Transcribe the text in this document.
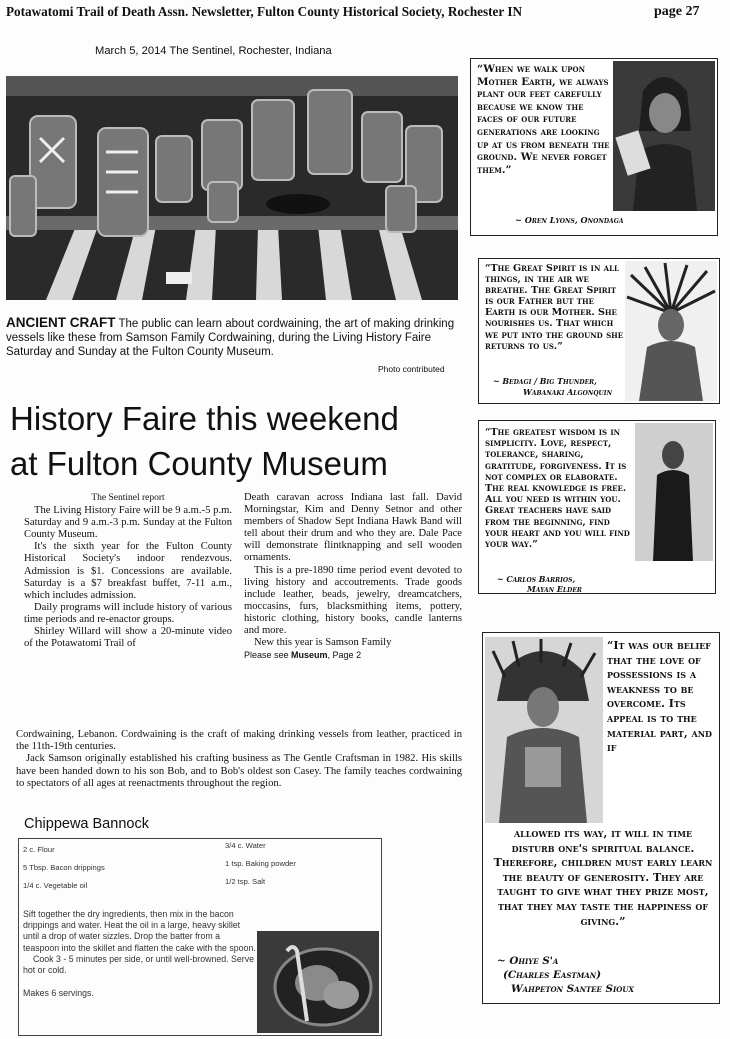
Potawatomi Trail of Death Assn. Newsletter, Fulton County Historical Society, Rochester IN	page 27
March 5, 2014 The Sentinel, Rochester, Indiana
ANCIENT CRAFT The public can learn about cordwaining, the art of making drinking vessels like these from Samson Family Cordwaining, during the Living History Faire Saturday and Sunday at the Fulton County Museum.
Photo contributed
History Faire this weekend
at Fulton County Museum

The Sentinel report

The Living History Faire will be 9 a.m.-5 p.m. Saturday and 9 a.m.-3 p.m. Sunday at the Fulton County Museum.

It's the sixth year for the Fulton County Historical Society's indoor rendezvous. Admission is $1. Concessions are available. Saturday is a $7 breakfast buffet, 7-11 a.m., which includes admission.

Daily programs will include history of various time periods and re-enactor groups.

Shirley Willard will show a 20-minute video of the Potawatomi Trail of

Death caravan across Indiana last fall. David Morningstar, Kim and Denny Setnor and other members of Shadow Sept Indiana Hawk Band will tell about their drum and who they are. Dale Pace will demonstrate flintknapping and sell wooden ornaments.

This is a pre-1890 time period event devoted to living history and accoutrements. Trade goods include leather, beads, jewelry, dreamcatchers, moccasins, furs, blacksmithing items, pottery, historic clothing, history books, candle lanterns and more.

New this year is Samson Family

Please see Museum, Page 2

Cordwaining, Lebanon. Cordwaining is the craft of making drinking vessels from leather, practiced in the 11th-19th centuries.

Jack Samson originally established his crafting business as The Gentle Craftsman in 1982. His skills have been handed down to his son Bob, and to Bob's oldest son Casey. The family teaches cordwaining to spectators of all ages at reenactments throughout the region.

Chippewa Bannock
2 c. Flour
5 Tbsp. Bacon drippings
1/4 c. Vegetable oil
3/4 c. Water
1 tsp. Baking powder
1/2 tsp. Salt
Sift together the dry ingredients, then mix in the bacon drippings and water. Heat the oil in a large, heavy skillet until a drop of water sizzles. Drop the batter from a teaspoon into the skillet and flatten the cake with the spoon.
Cook 3 - 5 minutes per side, or until well-browned. Serve hot or cold.
Makes 6 servings.
“When we walk upon Mother Earth, we always plant our feet carefully because we know the faces of our future generations are looking up at us from beneath the ground. We never forget them.”
~ Oren Lyons, Onondaga
“The Great Spirit is in all things, in the air we breathe. The Great Spirit is our Father but the Earth is our Mother. She nourishes us. That which we put into the ground she returns to us.”
~ Bedagi / Big Thunder,
Wabanaki Algonquin
“The greatest wisdom is in simplicity. Love, respect, tolerance, sharing, gratitude, forgiveness. It is not complex or elaborate. The real knowledge is free. All you need is within you. Great teachers have said from the beginning, find your heart and you will find your way.”
~ Carlos Barrios,
Mayan Elder
“It was our belief that the love of possessions is a weakness to be overcome. Its appeal is to the material part, and if
allowed its way, it will in time disturb one's spiritual balance. Therefore, children must early learn the beauty of generosity. They are taught to give what they prize most, that they may taste the happiness of giving.”
~ Ohiye S'a
(Charles Eastman)
Wahpeton Santee Sioux
